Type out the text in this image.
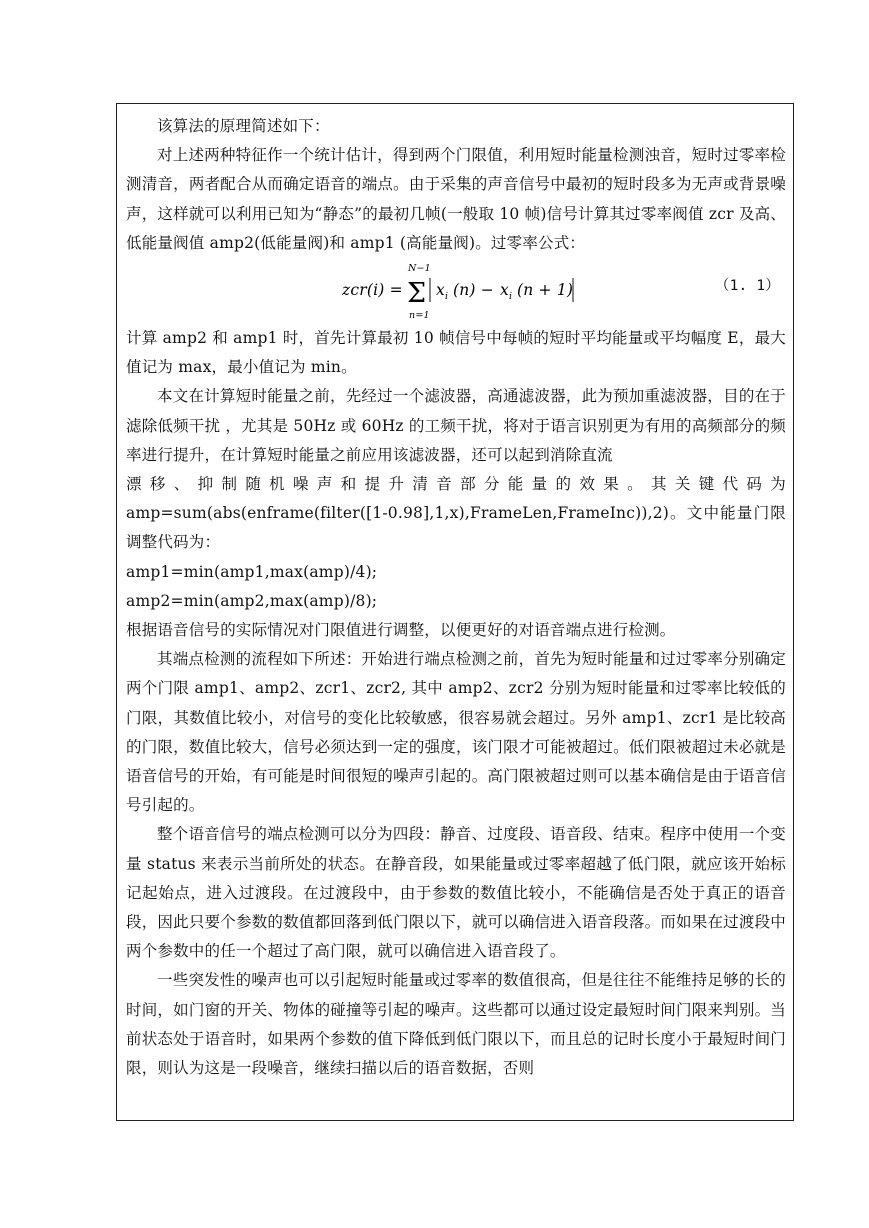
该算法的原理简述如下：

对上述两种特征作一个统计估计，得到两个门限值，利用短时能量检测浊音，短时过零率检测清音，两者配合从而确定语音的端点。由于采集的声音信号中最初的短时段多为无声或背景噪声，这样就可以利用已知为“静态”的最初几帧(一般取 10 帧)信号计算其过零率阀值 zcr 及高、低能量阀值 amp2(低能量阀)和 amp1 (高能量阀)。过零率公式：

zcr(i) =
N−1
Σ
n=1
x i (n) − x i (n + 1)	（1. 1）

计算 amp2 和 amp1 时，首先计算最初 10 帧信号中每帧的短时平均能量或平均幅度 E，最大值记为 max，最小值记为 min。

本文在计算短时能量之前，先经过一个滤波器，高通滤波器，此为预加重滤波器，目的在于滤除低频干扰 ，尤其是 50Hz 或 60Hz 的工频干扰，将对于语言识别更为有用的高频部分的频率进行提升，在计算短时能量之前应用该滤波器，还可以起到消除直流

漂移、抑制随机噪声和提升清音部分能量的效果。其关键代码为

amp=sum(abs(enframe(filter([1-0.98],1,x),FrameLen,FrameInc)),2)。文中能量门限调整代码为：

amp1=min(amp1,max(amp)/4);

amp2=min(amp2,max(amp)/8);

根据语音信号的实际情况对门限值进行调整，以便更好的对语音端点进行检测。

其端点检测的流程如下所述：开始进行端点检测之前，首先为短时能量和过过零率分别确定两个门限 amp1、amp2、zcr1、zcr2, 其中 amp2、zcr2 分别为短时能量和过零率比较低的门限，其数值比较小，对信号的变化比较敏感，很容易就会超过。另外 amp1、zcr1 是比较高的门限，数值比较大，信号必须达到一定的强度，该门限才可能被超过。低们限被超过未必就是语音信号的开始，有可能是时间很短的噪声引起的。高门限被超过则可以基本确信是由于语音信号引起的。

整个语音信号的端点检测可以分为四段：静音、过度段、语音段、结束。程序中使用一个变量 status 来表示当前所处的状态。在静音段，如果能量或过零率超越了低门限，就应该开始标记起始点，进入过渡段。在过渡段中，由于参数的数值比较小，不能确信是否处于真正的语音段，因此只要个参数的数值都回落到低门限以下，就可以确信进入语音段落。而如果在过渡段中两个参数中的任一个超过了高门限，就可以确信进入语音段了。

一些突发性的噪声也可以引起短时能量或过零率的数值很高，但是往往不能维持足够的长的时间，如门窗的开关、物体的碰撞等引起的噪声。这些都可以通过设定最短时间门限来判别。当前状态处于语音时，如果两个参数的值下降低到低门限以下，而且总的记时长度小于最短时间门限，则认为这是一段噪音，继续扫描以后的语音数据，否则
